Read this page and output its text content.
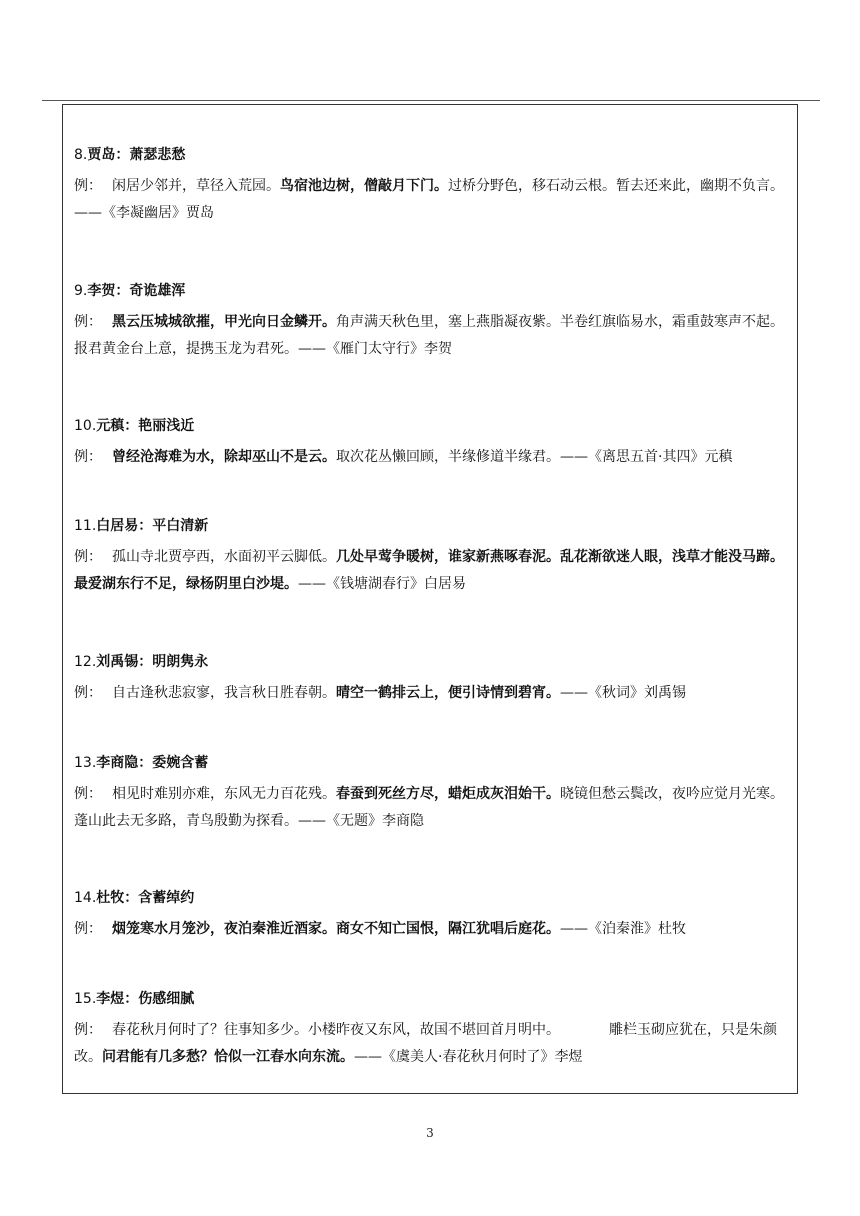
8.贾岛：萧瑟悲愁

例： 闲居少邻并，草径入荒园。鸟宿池边树，僧敲月下门。过桥分野色，移石动云根。暂去还来此，幽期不负言。——《李凝幽居》贾岛

9.李贺：奇诡雄浑

例： 黑云压城城欲摧，甲光向日金鳞开。角声满天秋色里，塞上燕脂凝夜紫。半卷红旗临易水，霜重鼓寒声不起。报君黄金台上意，提携玉龙为君死。——《雁门太守行》李贺

10.元稹：艳丽浅近

例： 曾经沧海难为水，除却巫山不是云。取次花丛懒回顾，半缘修道半缘君。——《离思五首·其四》元稹

11.白居易：平白清新

例： 孤山寺北贾亭西，水面初平云脚低。几处早莺争暖树，谁家新燕啄春泥。乱花渐欲迷人眼，浅草才能没马蹄。最爱湖东行不足，绿杨阴里白沙堤。——《钱塘湖春行》白居易

12.刘禹锡：明朗隽永

例： 自古逢秋悲寂寥，我言秋日胜春朝。晴空一鹤排云上，便引诗情到碧宵。——《秋词》刘禹锡

13.李商隐：委婉含蓄

例： 相见时难别亦难，东风无力百花残。春蚕到死丝方尽，蜡炬成灰泪始干。晓镜但愁云鬓改，夜吟应觉月光寒。蓬山此去无多路，青鸟殷勤为探看。——《无题》李商隐

14.杜牧：含蓄绰约

例： 烟笼寒水月笼沙，夜泊秦淮近酒家。商女不知亡国恨，隔江犹唱后庭花。——《泊秦淮》杜牧

15.李煜：伤感细腻

例： 春花秋月何时了？往事知多少。小楼昨夜又东风，故国不堪回首月明中。　　　　雕栏玉砌应犹在，只是朱颜改。问君能有几多愁？恰似一江春水向东流。——《虞美人·春花秋月何时了》李煜

3
